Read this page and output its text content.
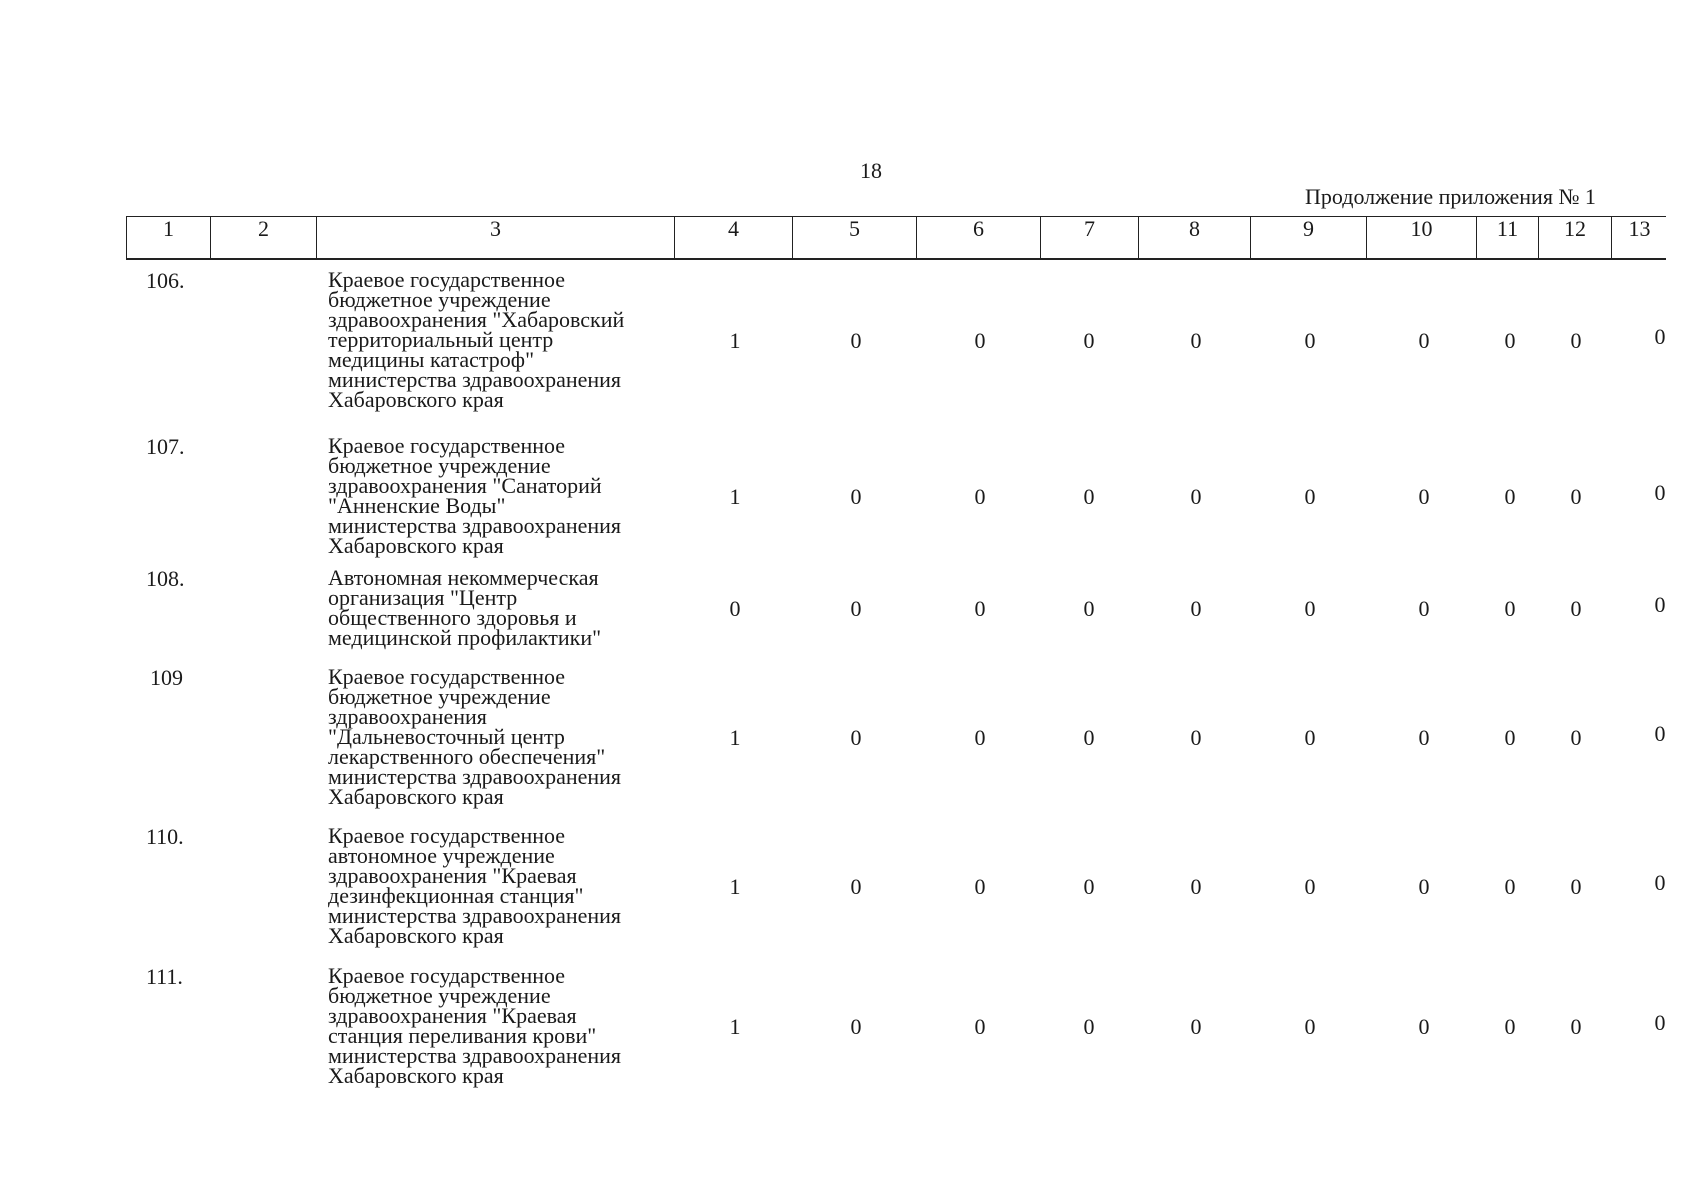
18
Продолжение приложения № 1
1	2	3	4	5	6	7	8	9	10	11	12	13
106.	Краевое государственное
бюджетное учреждение
здравоохранения "Хабаровский
территориальный центр
медицины катастроф"
министерства здравоохранения
Хабаровского края
1	0	0	0	0	0	0	0	0	0
107.	Краевое государственное
бюджетное учреждение
здравоохранения "Санаторий
"Анненские Воды"
министерства здравоохранения
Хабаровского края
1	0	0	0	0	0	0	0	0	0
108.	Автономная некоммерческая
организация "Центр
общественного здоровья и
медицинской профилактики"
0	0	0	0	0	0	0	0	0	0
109	Краевое государственное
бюджетное учреждение
здравоохранения
"Дальневосточный центр
лекарственного обеспечения"
министерства здравоохранения
Хабаровского края
1	0	0	0	0	0	0	0	0	0
110.	Краевое государственное
автономное учреждение
здравоохранения "Краевая
дезинфекционная станция"
министерства здравоохранения
Хабаровского края
1	0	0	0	0	0	0	0	0	0
111.	Краевое государственное
бюджетное учреждение
здравоохранения "Краевая
станция переливания крови"
министерства здравоохранения
Хабаровского края
1	0	0	0	0	0	0	0	0	0
